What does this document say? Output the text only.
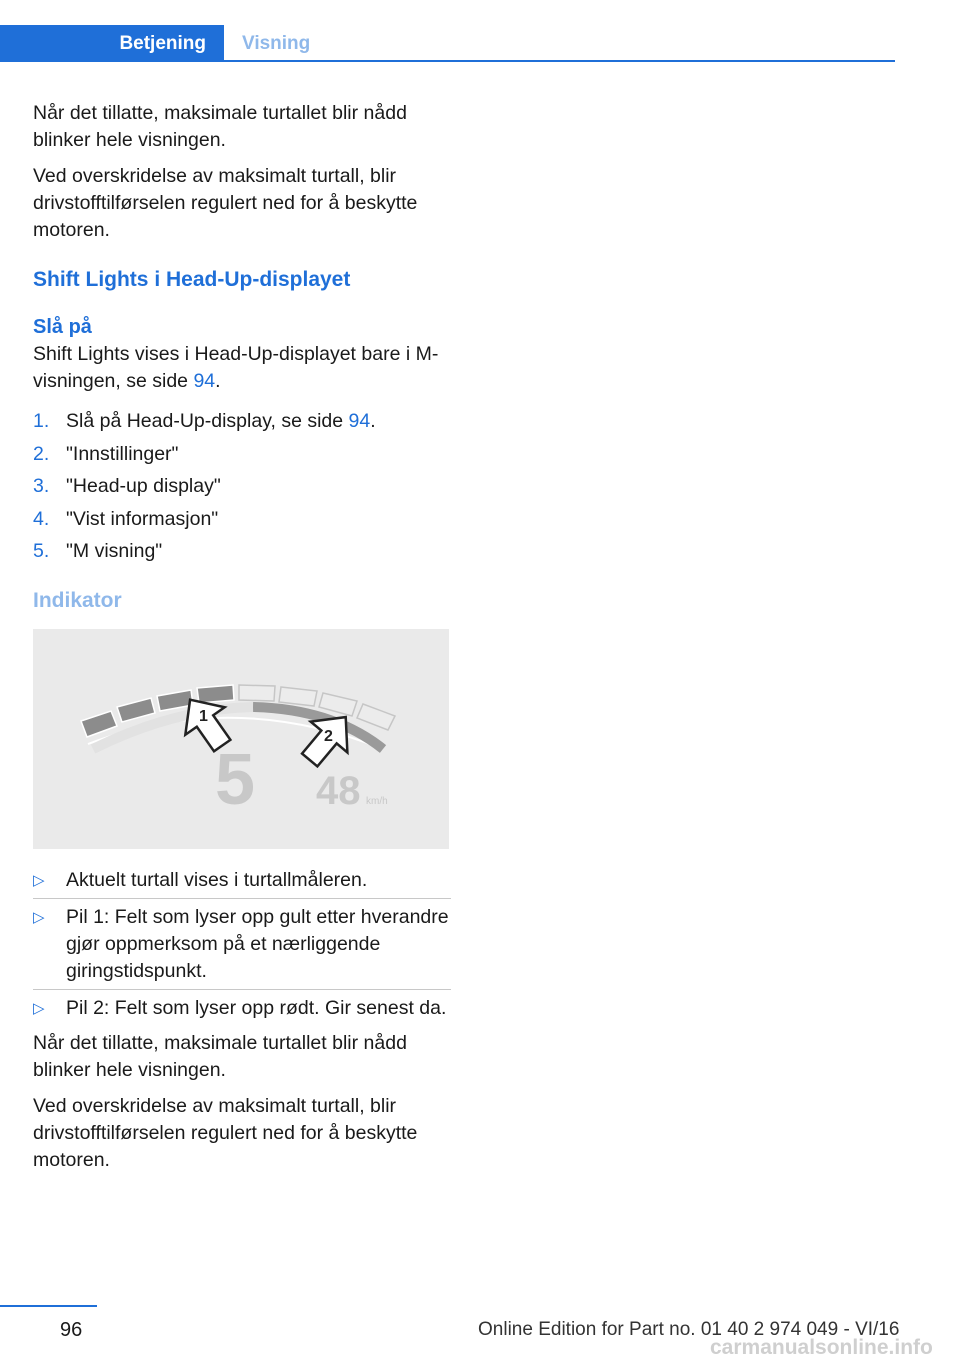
Betjening	Visning

Når det tillatte, maksimale turtallet blir nådd blinker hele visningen.

Ved overskridelse av maksimalt turtall, blir drivstofftilførselen regulert ned for å beskytte motoren.

Shift Lights i Head-Up-displayet
Slå på

Shift Lights vises i Head-Up-displayet bare i M-visningen, se side 94.

1. Slå på Head-Up-display, se side 94.
2. "Innstillinger"
3. "Head-up display"
4. "Vist informasjon"
5. "M visning"
Indikator
1
2
5 48 km/h
▷	Aktuelt turtall vises i turtallmåleren.
▷	Pil 1: Felt som lyser opp gult etter hverandre gjør oppmerksom på et nærliggende giringstidspunkt.
▷	Pil 2: Felt som lyser opp rødt. Gir senest da.

Når det tillatte, maksimale turtallet blir nådd blinker hele visningen.

Ved overskridelse av maksimalt turtall, blir drivstofftilførselen regulert ned for å beskytte motoren.

96	Online Edition for Part no. 01 40 2 974 049 - VI/16
carmanualsonline.info
